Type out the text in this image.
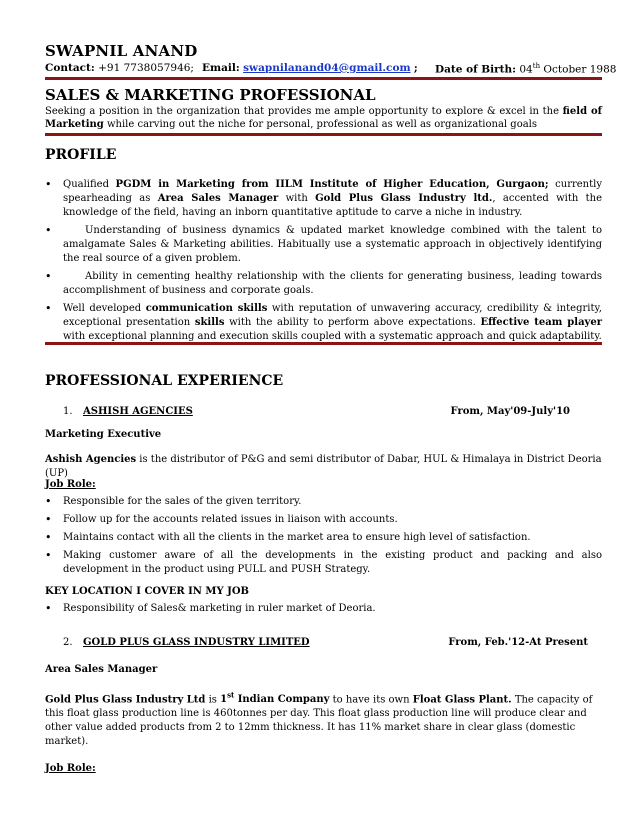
SWAPNIL ANAND
Contact: +91 7738057946; Email: swapnilanand04@gmail.com ; Date of Birth: 04th October 1988
SALES & MARKETING PROFESSIONAL
Seeking a position in the organization that provides me ample opportunity to explore & excel in the field of Marketing while carving out the niche for personal, professional as well as organizational goals
PROFILE
• Qualified PGDM in Marketing from IILM Institute of Higher Education, Gurgaon; currently spearheading as Area Sales Manager with Gold Plus Glass Industry ltd., accented with the knowledge of the field, having an inborn quantitative aptitude to carve a niche in industry.
• Understanding of business dynamics & updated market knowledge combined with the talent to amalgamate Sales & Marketing abilities. Habitually use a systematic approach in objectively identifying the real source of a given problem.
• Ability in cementing healthy relationship with the clients for generating business, leading towards accomplishment of business and corporate goals.
• Well developed communication skills with reputation of unwavering accuracy, credibility & integrity, exceptional presentation skills with the ability to perform above expectations. Effective team player with exceptional planning and execution skills coupled with a systematic approach and quick adaptability.
PROFESSIONAL EXPERIENCE
1. ASHISH AGENCIES	From, May'09-July'10
Marketing Executive
Ashish Agencies is the distributor of P&G and semi distributor of Dabar, HUL & Himalaya in District Deoria (UP)
Job Role:
• Responsible for the sales of the given territory.
• Follow up for the accounts related issues in liaison with accounts.
• Maintains contact with all the clients in the market area to ensure high level of satisfaction.
• Making customer aware of all the developments in the existing product and packing and also development in the product using PULL and PUSH Strategy.
KEY LOCATION I COVER IN MY JOB
• Responsibility of Sales& marketing in ruler market of Deoria.
2. GOLD PLUS GLASS INDUSTRY LIMITED	From, Feb.'12-At Present
Area Sales Manager
Gold Plus Glass Industry Ltd is 1st Indian Company to have its own Float Glass Plant. The capacity of this float glass production line is 460tonnes per day. This float glass production line will produce clear and other value added products from 2 to 12mm thickness. It has 11% market share in clear glass (domestic market).
Job Role:
